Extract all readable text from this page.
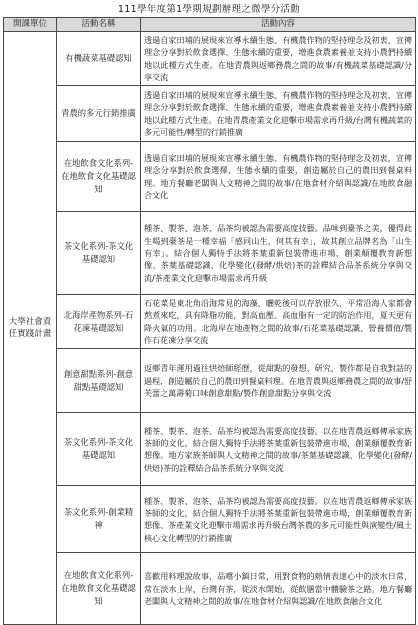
111學年度第1學期規劃辦理之微學分活動
開課單位	活動名稱	活動內容
大學社會責任實踐計畫	有機蔬菜基礎認知	透過自家田埔的展現來宣導永續生態、有機農作物的堅持理念及初衷，宣傳理念分享對於飲食選擇、生態永續的重要，增進食農素養並支持小農們持續地以此種方式生產。在地青農與返鄉務農之間的故事/有機蔬菜基礎認識/分享交流
	青農的多元行銷推廣	透過自家田埔的展現來宣導永續生態、有機農作物的堅持理念及初衷，宣傳理念分享對於飲食選擇、生態永續的重要，增進食農素養並支持小農們持續地以此種方式生產。在地青農產業文化迎擊市場需求再升級/台灣有機蔬菜的多元可能性/轉型的行銷推廣
	在地飲食文化系列-在地飲食文化基礎認知	透過自家田埔的展現來宣導永續生態、有機農作物的堅持理念及初衷，宣傳理念分享對於飲食選擇、生態永續的重要，創造屬於自己的農田到餐桌料理。地方餐廳老闆與人文精神之間的故事/在地食材介紹與認識/在地飲食融合文化
	茶文化系列-茶文化基礎認知	種茶、製茶、泡茶、品茶均被認為需要高度技藝。品味到臺茶之美，優得此生喝到臺茶是一種幸福「感同山生，何其有幸」，故其創立品牌名為「山生有幸」。結合個人獨特手法將茶葉重新包裝帶進市場，創業顛覆教育新想像、茶葉基礎認識、化學變化(發酵/烘焙)茶的詮釋結合品茶系統分享與交流/茶產業文化迎擊市場需求再升級
	北海岸產物系列-石花凍基礎認知	石花菜是東北角沿海常見的海藻，曬乾後可以存放很久，平常沿海人家都會熬煮來吃，具有降脂功能，對高血壓、高血脂有一定的防治作用，夏天更有降火氣的功用。北海岸在地產物之間的故事/石花菜基礎認識、營養價值/製作石花凍分享交流
	創意甜點系列-創意甜點基礎認知	返鄉青年運用過往烘焙師經歷，從甜點的發想、研究、製作都是自我對話的過程，創造屬於自己的農田到餐桌料理。在地青農與返鄉務農之間的故事/舒芙蕾之萬壽菊口味創意甜點/製作創意甜點分享與交流
	茶文化系列-茶文化基礎認知	種茶、製茶、泡茶、品茶均被認為需要高度技藝。以在地青農返鄉傳承家族茶師的文化，結合個人獨特手法將茶葉重新包裝帶進市場，創業顛覆教育新想像。地方家族茶師與人文精神之間的故事/茶葉基礎認識、化學變化(發酵/烘焙)茶的詮釋結合品茶系統分享與交流
	茶文化系列-創業精神	種茶、製茶、泡茶、品茶均被認為需要高度技藝。以在地青農返鄉傳承家族茶師的文化，結合個人獨特手法將茶葉重新包裝帶進市場，創業顛覆教育新想像、茶產業文化迎擊市場需求再升級台灣茶農的多元可能性與演變性/風土核心文化轉型的行銷推廣
	在地飲食文化系列-在地飲食文化基礎認知	喜歡用料理說故事，品嚐小鎮日常，用對食物的熱情表達心中的淡水日常，常在淡水上岸，台灣有茶，從淡水開始，從飲膳當中體驗茶之路。地方餐廳老闆與人文精神之間的故事/在地食材介紹與認識/在地飲食融合文化
